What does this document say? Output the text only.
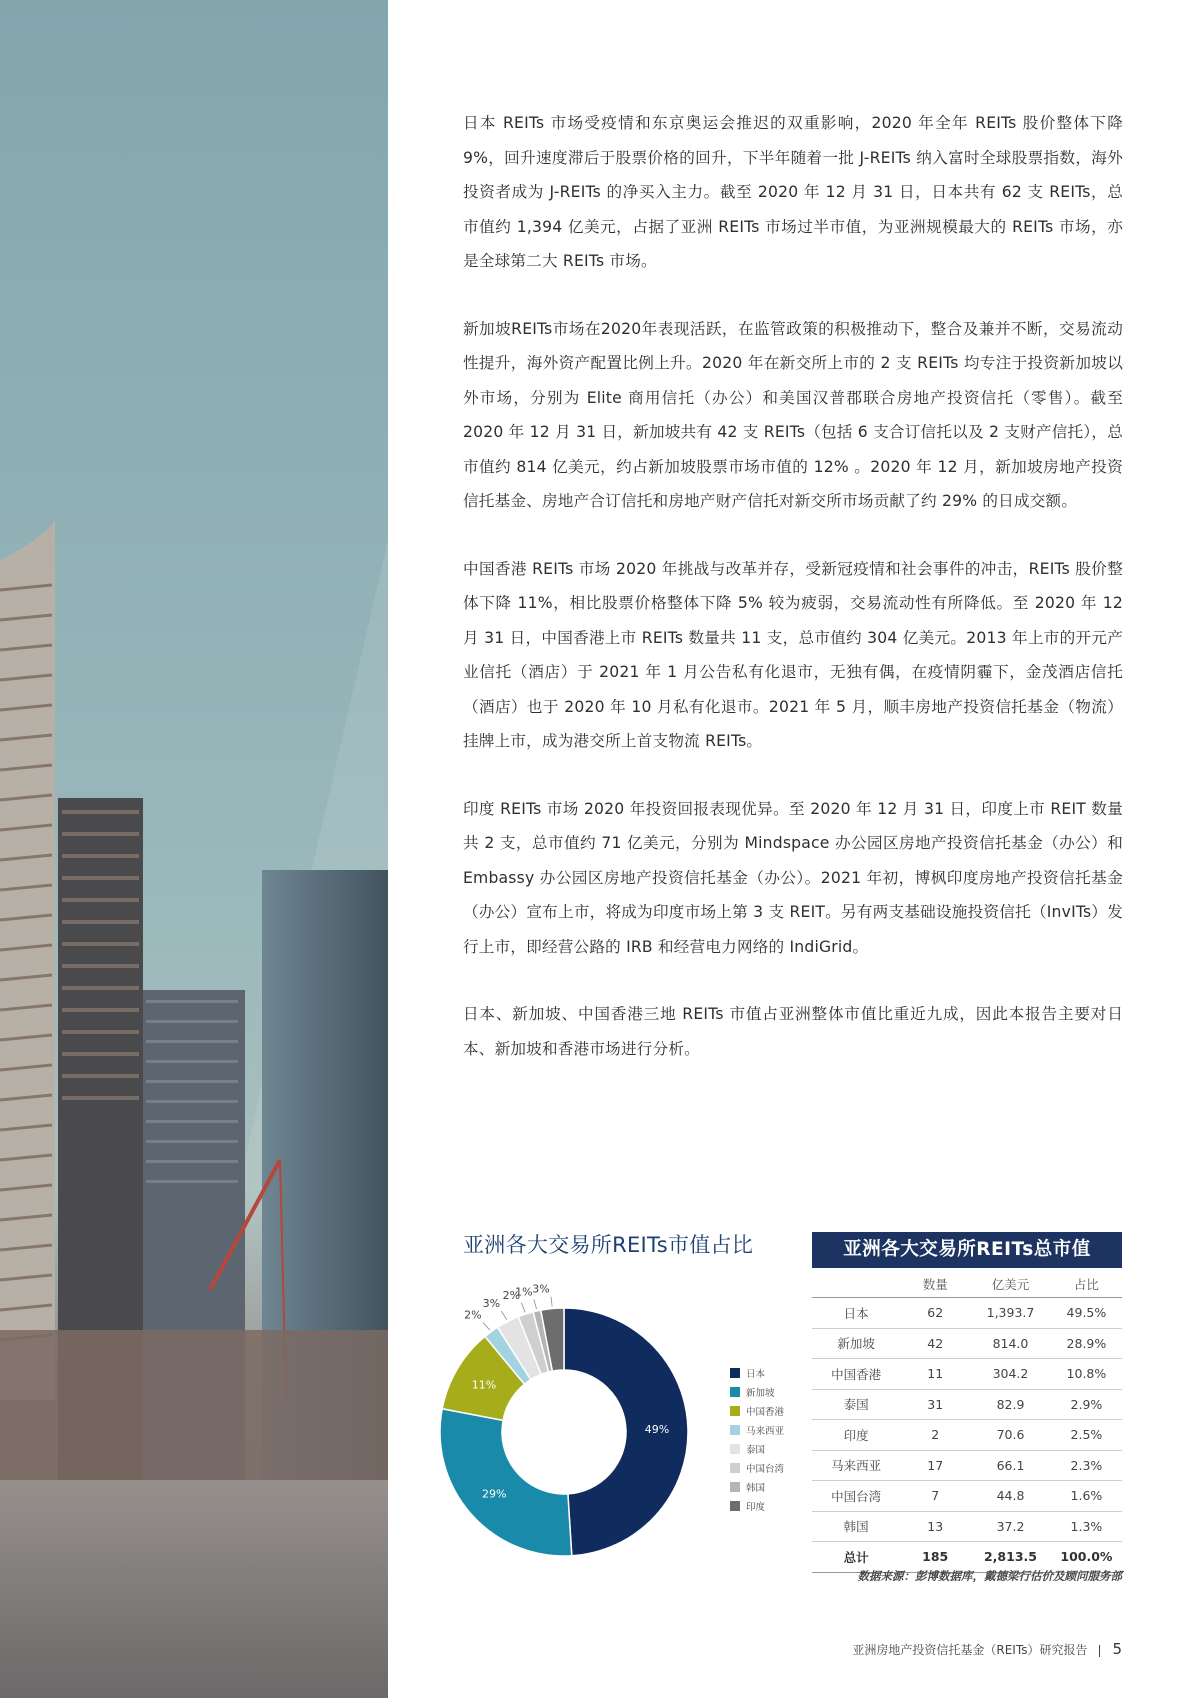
日本 REITs 市场受疫情和东京奥运会推迟的双重影响，2020 年全年 REITs 股价整体下降 9%，回升速度滞后于股票价格的回升，下半年随着一批 J-REITs 纳入富时全球股票指数，海外投资者成为 J-REITs 的净买入主力。截至 2020 年 12 月 31 日，日本共有 62 支 REITs，总市值约 1,394 亿美元，占据了亚洲 REITs 市场过半市值，为亚洲规模最大的 REITs 市场，亦是全球第二大 REITs 市场。

新加坡REITs市场在2020年表现活跃，在监管政策的积极推动下，整合及兼并不断，交易流动性提升，海外资产配置比例上升。2020 年在新交所上市的 2 支 REITs 均专注于投资新加坡以外市场，分别为 Elite 商用信托（办公）和美国汉普郡联合房地产投资信托（零售）。截至 2020 年 12 月 31 日，新加坡共有 42 支 REITs（包括 6 支合订信托以及 2 支财产信托），总市值约 814 亿美元，约占新加坡股票市场市值的 12% 。2020 年 12 月，新加坡房地产投资信托基金、房地产合订信托和房地产财产信托对新交所市场贡献了约 29% 的日成交额。

中国香港 REITs 市场 2020 年挑战与改革并存，受新冠疫情和社会事件的冲击，REITs 股价整体下降 11%，相比股票价格整体下降 5% 较为疲弱，交易流动性有所降低。至 2020 年 12 月 31 日，中国香港上市 REITs 数量共 11 支，总市值约 304 亿美元。2013 年上市的开元产业信托（酒店）于 2021 年 1 月公告私有化退市，无独有偶，在疫情阴霾下，金茂酒店信托（酒店）也于 2020 年 10 月私有化退市。2021 年 5 月，顺丰房地产投资信托基金（物流）挂牌上市，成为港交所上首支物流 REITs。

印度 REITs 市场 2020 年投资回报表现优异。至 2020 年 12 月 31 日，印度上市 REIT 数量共 2 支，总市值约 71 亿美元，分别为 Mindspace 办公园区房地产投资信托基金（办公）和 Embassy 办公园区房地产投资信托基金（办公）。2021 年初，博枫印度房地产投资信托基金（办公）宣布上市，将成为印度市场上第 3 支 REIT。另有两支基础设施投资信托（InvITs）发行上市，即经营公路的 IRB 和经营电力网络的 IndiGrid。

日本、新加坡、中国香港三地 REITs 市值占亚洲整体市值比重近九成，因此本报告主要对日本、新加坡和香港市场进行分析。

亚洲各大交易所REITs市值占比
49%
29%
11%
2%
3%
2%
1% 3%
日本
新加坡
中国香港
马来西亚
泰国
中国台湾
韩国
印度
亚洲各大交易所REITs总市值
	数量	亿美元	占比
日本	62	1,393.7	49.5%
新加坡	42	814.0	28.9%
中国香港	11	304.2	10.8%
泰国	31	82.9	2.9%
印度	2	70.6	2.5%
马来西亚	17	66.1	2.3%
中国台湾	7	44.8	1.6%
韩国	13	37.2	1.3%
总计	185	2,813.5	100.0%
数据来源：彭博数据库，戴德梁行估价及顾问服务部
亚洲房地产投资信托基金（REITs）研究报告 5
